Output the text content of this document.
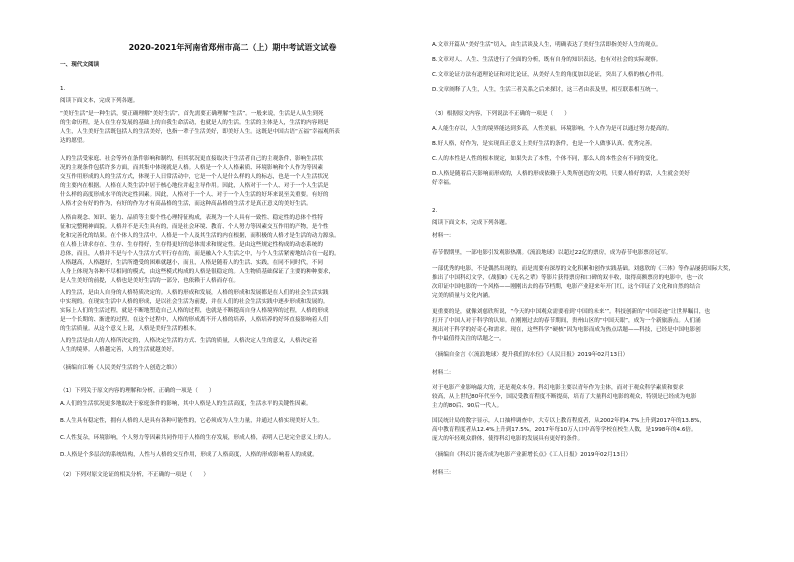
2020-2021年河南省郑州市高二（上）期中考试语文试卷
一、现代文阅读
1.
阅读下面文本，完成下列各题。
“美好生活”是一种生活，要正确理解“美好生活”，首先需要正确理解“生活”。一般来说，生活是人从生到死
的生命历程，是人在生存发展的基础上的自我生命活动，也就是人的生活。生活的主体是人，生活的内容则是
人生，人生美好生活既包括人的生活美好，也指一辈子生活美好，即美好人生。这既是中国古语“五福”幸福观所表
达的愿望。
人的生活受家庭、社会等外在条件影响和制约，但其状况更直接取决于生活者自己的主观条件，影响生活状
况的主观条件包括许多方面，而其集中体现就是人格。人格是一个人人格素质、环境影响和个人作为等因素
交互作用形成的人的生活方式，体现于人日常活动中，它是一个人是什么样的人的标志，也是一个人生活状况
的主要内在根据。人格在人类生活中居于核心地位并起主导作用。因此，人格对于一个人、对于一个人生活是
什么样的高度形成水平的决定性因素。因此，人格对于一个人、对于一个人生活的好坏来说至关重要。有好的
人格才会有好的作为，有好的作为才有高品格的生活，而这种高品格的生活才是真正意义的美好生活。
人格由观念、知识、能力、品质等主要个性心理特征构成，表现为一个人具有一致性、稳定性的总体个性特
征和完整精神面貌。人格并不是天生具有的，而是社会环境、教育、个人努力等因素交互作用的产物，是个性
化和完善化的结果。在个体人的生活中，人格是一个人及其生活的内在根据，而积极的人格才是生活的动力源泉。
在人格上讲求存在、生存、生存得好，生存得更好的总体需求和规定性。是由这些规定性构成的动态系统的
总体，而且，人格并不是与个人生活方式平行存在的，而是融入个人生活之中，与个人生活紧密地结合在一起的。
人格越高，人格越好，生活所遭受的困难就越小，而且，人格是随着人的生活、实践，在同不同时代，不同
人身上体现为各种不尽相同的模式，由这些模式构成的人格是很稳定的。人生物质基础保证了主要的种种要求，
是人生美好的前提，人格也是美好生活的一部分，也依赖于人格而存在。
人的生活，是由人自身的人格特质决定的。人格的形成和发展，人格的形成和发展都是在人们的社会生活实践
中实现的。在现实生活中人格的形成，是以社会生活为前提，并在人们的社会生活实践中逐步形成和发展的。
实际上人们的生活过程，就是不断地塑造自己人格的过程，也就是不断提高自身人格境界的过程，人格的形成
是一个长期的、渐进的过程，在这个过程中，人格的形成离不开人格的培养，人格培养的好坏直接影响着人们
的生活质量。从这个意义上说，人格是美好生活的根本。
人的生活是由人的人格所决定的，人格决定生活的方式、生活的质量，人格决定人生的意义，人格决定着
人生的境界。人格越完善，人的生活就越美好。
（摘编自江畅《人民美好生活的个人创造之维》）
（1）下列关于原文内容的理解和分析，正确的一项是（　　）
A.人们的生活状况更多地取决于家庭条件的影响，其中人格是人的生活高度，生活水平的关键性因素。
B.人生具有稳定性，拥有人格的人是具有各种可能性的，它必须成为人生力量，并通过人格实现美好人生。
C.人性复杂，环境影响，个人努力等因素共同作用于人格的生存发展，形成人格，表明人已是完全意义上的人。
D.人格是个多层次的系统结构，人性与人格的交互作用，形成了人格高度，人格的形成影响着人的成就。
（2）下列对原文论证的相关分析，不正确的一项是（　　）
A.文章开篇从“美好生活”切入，由生活谈及人生，明确表达了美好生活即指美好人生的观点。
B.文章对人、人生、生活进行了全面的分析，既有自身的知识表达，也有对社会的实际观察。
C.文章论证方法有道理论证和对比论证，从美好人生的角度加以论证，突出了人格的核心作用。
D.文章阐释了人生，人生，生活三者关系之后来探讨，这三者由表及里，相互联系相互统一。
（3）根据原文内容，下列说法不正确的一项是（　　）
A.人能生存以，人生的境界能达到多高，人性美丽，环境影响，个人作为是可以通过努力提高的。
B.好人格，好作为，是实现真正意义上美好生活的条件，也是一个人做事认真、优秀完善。
C.人的本性是人性的根本规定，如果失去了本性，个体不同，那么人的本性会有不同的变化。
D.人格是随着后天影响而形成的，人格的形成依赖于人类所创造的文明，只要人格好的话，人生就会美好
好幸福。
2.
阅读下面文本，完成下列各题。
材料一：
春节假期里，一部电影引发观影热潮。《流浪地球》以超过22亿的票房，成为春节电影票房冠军。
一部优秀的电影，不是偶然出现的，而是需要有深厚的文化积累和创作实践基础。刘慈欣的《三体》等作品屡获国际大奖，
推出了中国科幻文学，《战狼Ⅱ》《无名之辈》等影片获得票房和口碑的双丰收，取得高额票房的电影中，也一次
次印证中国电影的一个风格——刚刚出去的春节档期，电影产业迎来年开门红，这个印证了文化和自然的结合
完美的质量与文化内涵。
更重要的是，就像刘慈欣所说，“今天的中国观众需要看到‘中国的未来’”。科技创新的“中国奇迹”让世界瞩目，也
打开了中国人对于科学的认知。在刚刚过去的春节期间，贵州山区的“中国天眼”，成为一个新旅游点。人们涌
现出对于科学的好奇心和需求。现在，这些科学“硬核”因为电影而成为热点话题——科技，已经是中国电影创
作中最值得关注的话题之一。
（摘编自金言《〈流浪地球〉提升我们的水位》《人民日报》2019年02月13日）
材料二：
对于电影产业影响最大的，还是观众本身。科幻电影主要以青年作为主体，而对于观众科学素质和要求
较高，从上世纪80年代至今，国民受教育程度不断提高，培育了大量科幻电影的观众，特别是已经成为电影
主力的80后、90后一代人。
国民统计局的数字显示，人口抽样调查中，大专以上教育程度者，从2002年的4.7%上升到2017年的13.8%，
高中教育程度者从12.4%上升到17.5%，2017年每10万人口中高等学校在校生人数，是1998年的4.6倍。
庞大的年轻观众群体，使得科幻电影的发展具有更好的条件。
（摘编自《科幻片能否成为电影产业新增长点》《工人日报》2019年02月13日）
材料三：
